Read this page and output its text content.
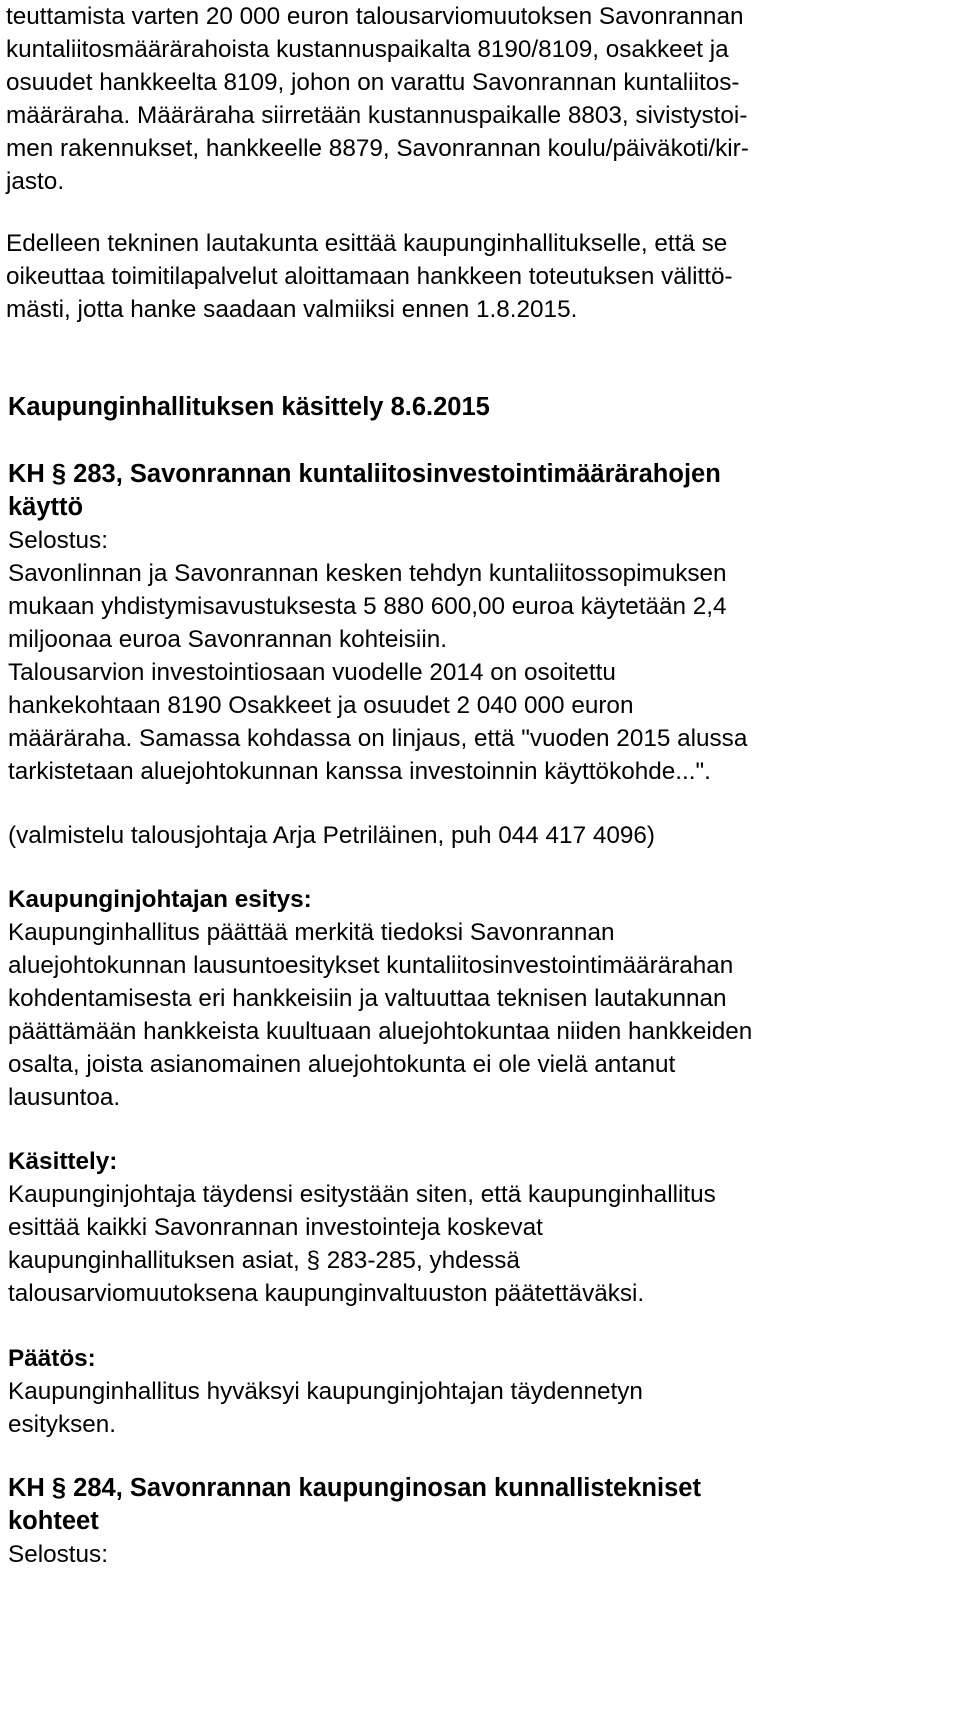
teuttamista varten 20 000 euron talousarviomuutoksen Savonrannan
kuntaliitosmäärärahoista kustannuspaikalta 8190/8109, osakkeet ja
osuudet hankkeelta 8109, johon on varattu Savonrannan kuntaliitos-
määräraha. Määräraha siirretään kustannuspaikalle 8803, sivistystoi-
men rakennukset, hankkeelle 8879, Savonrannan koulu/päiväkoti/kir-
jasto.
Edelleen tekninen lautakunta esittää kaupunginhallitukselle, että se
oikeuttaa toimitilapalvelut aloittamaan hankkeen toteutuksen välittö-
mästi, jotta hanke saadaan valmiiksi ennen 1.8.2015.
Kaupunginhallituksen käsittely 8.6.2015
KH § 283, Savonrannan kuntaliitosinvestointimäärärahojen
käyttö
Selostus:
Savonlinnan ja Savonrannan kesken tehdyn kuntaliitossopimuksen
mukaan yhdistymisavustuksesta 5 880 600,00 euroa käytetään 2,4
miljoonaa euroa Savonrannan kohteisiin.
Talousarvion investointiosaan vuodelle 2014 on osoitettu
hankekohtaan 8190 Osakkeet ja osuudet 2 040 000 euron
määräraha. Samassa kohdassa on linjaus, että "vuoden 2015 alussa
tarkistetaan aluejohtokunnan kanssa investoinnin käyttökohde...".
(valmistelu talousjohtaja Arja Petriläinen, puh 044 417 4096)
Kaupunginjohtajan esitys:
Kaupunginhallitus päättää merkitä tiedoksi Savonrannan
aluejohtokunnan lausuntoesitykset kuntaliitosinvestointimäärärahan
kohdentamisesta eri hankkeisiin ja valtuuttaa teknisen lautakunnan
päättämään hankkeista kuultuaan aluejohtokuntaa niiden hankkeiden
osalta, joista asianomainen aluejohtokunta ei ole vielä antanut
lausuntoa.
Käsittely:
Kaupunginjohtaja täydensi esitystään siten, että kaupunginhallitus
esittää kaikki Savonrannan investointeja koskevat
kaupunginhallituksen asiat, § 283-285, yhdessä
talousarviomuutoksena kaupunginvaltuuston päätettäväksi.
Päätös:
Kaupunginhallitus hyväksyi kaupunginjohtajan täydennetyn
esityksen.
KH § 284, Savonrannan kaupunginosan kunnallistekniset
kohteet
Selostus:
